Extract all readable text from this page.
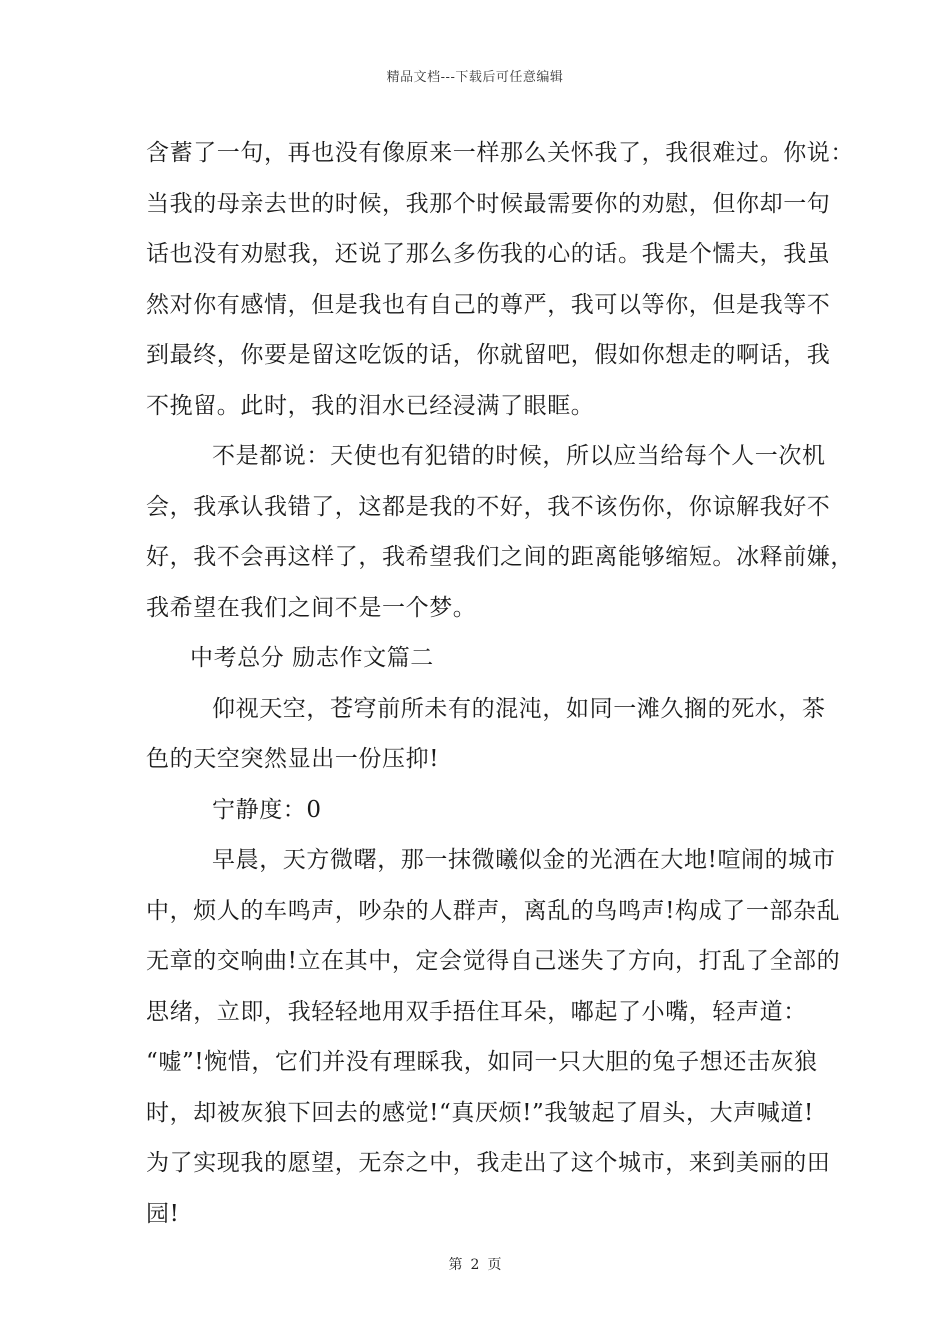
精品文档---下载后可任意编辑
含蓄了一句，再也没有像原来一样那么关怀我了，我很难过。你说：
当我的母亲去世的时候，我那个时候最需要你的劝慰，但你却一句
话也没有劝慰我，还说了那么多伤我的心的话。我是个懦夫，我虽
然对你有感情，但是我也有自己的尊严，我可以等你，但是我等不
到最终，你要是留这吃饭的话，你就留吧，假如你想走的啊话，我
不挽留。此时，我的泪水已经浸满了眼眶。
不是都说：天使也有犯错的时候，所以应当给每个人一次机
会，我承认我错了，这都是我的不好，我不该伤你，你谅解我好不
好，我不会再这样了，我希望我们之间的距离能够缩短。冰释前嫌，
我希望在我们之间不是一个梦。
中考总分 励志作文篇二
仰视天空，苍穹前所未有的混沌，如同一滩久搁的死水，茶
色的天空突然显出一份压抑!
宁静度：0
早晨，天方微曙，那一抹微曦似金的光洒在大地!喧闹的城市
中，烦人的车鸣声，吵杂的人群声，离乱的鸟鸣声!构成了一部杂乱
无章的交响曲!立在其中，定会觉得自己迷失了方向，打乱了全部的
思绪，立即，我轻轻地用双手捂住耳朵，嘟起了小嘴，轻声道：
“嘘”!惋惜，它们并没有理睬我，如同一只大胆的兔子想还击灰狼
时，却被灰狼下回去的感觉!“真厌烦!”我皱起了眉头，大声喊道!
为了实现我的愿望，无奈之中，我走出了这个城市，来到美丽的田
园!
第 2 页
